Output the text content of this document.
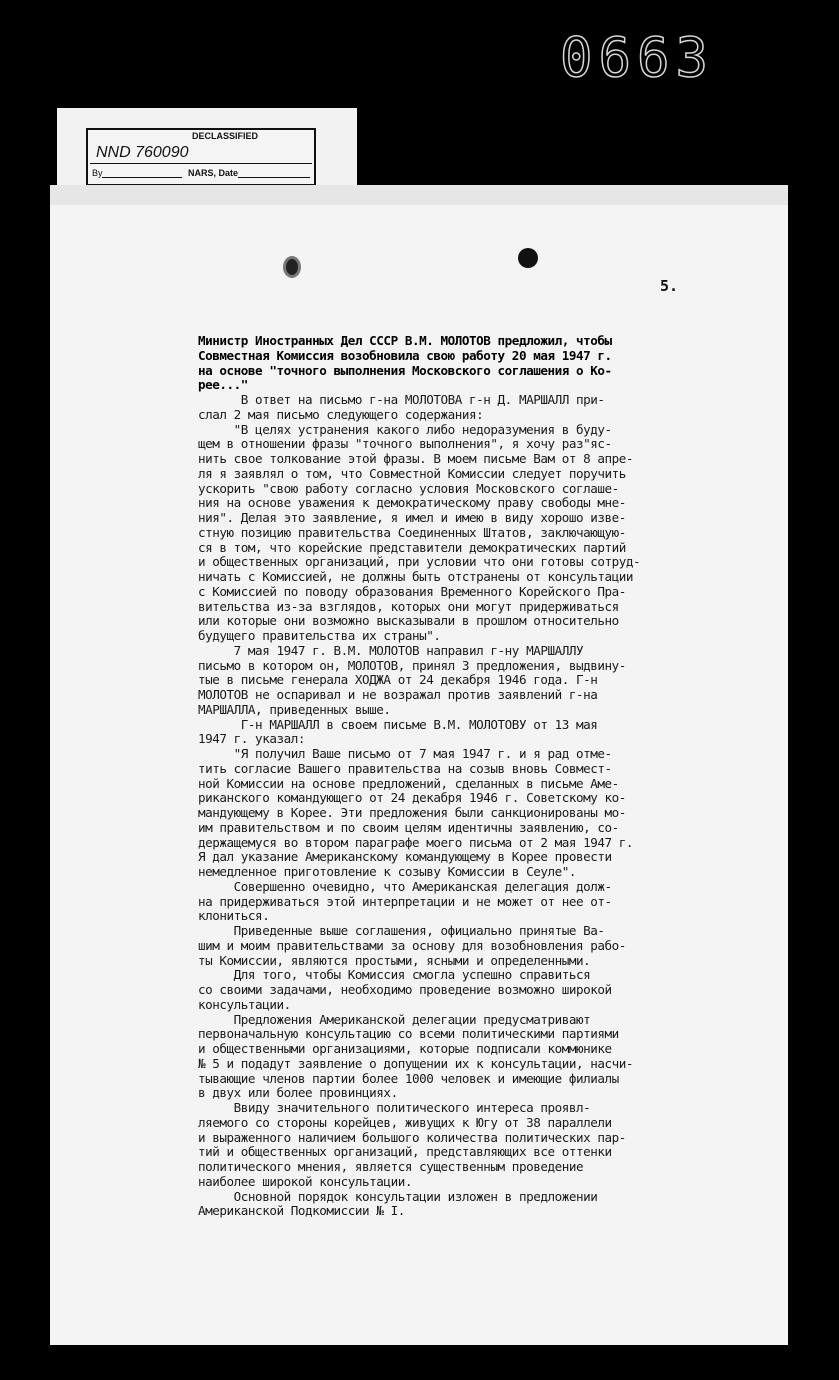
0663
DECLASSIFIED
NND 760090
By	NARS, Date
5.
Министр Иностранных Дел СССР В.М. МОЛОТОВ предложил, чтобы
Совместная Комиссия возобновила свою работу 20 мая 1947 г.
на основе "точного выполнения Московского соглашения о Ко-
рее..."
В ответ на письмо г-на МОЛОТОВА г-н Д. МАРШАЛЛ при-
слал 2 мая письмо следующего содержания:
"В целях устранения какого либо недоразумения в буду-
щем в отношении фразы "точного выполнения", я хочу раз"яс-
нить свое толкование этой фразы. В моем письме Вам от 8 апре-
ля я заявлял о том, что Совместной Комиссии следует поручить
ускорить "свою работу согласно условия Московского соглаше-
ния на основе уважения к демократическому праву свободы мне-
ния". Делая это заявление, я имел и имею в виду хорошо изве-
стную позицию правительства Соединенных Штатов, заключающую-
ся в том, что корейские представители демократических партий
и общественных организаций, при условии что они готовы сотруд-
ничать с Комиссией, не должны быть отстранены от консультации
с Комиссией по поводу образования Временного Корейского Пра-
вительства из-за взглядов, которых они могут придерживаться
или которые они возможно высказывали в прошлом относительно
будущего правительства их страны".
7 мая 1947 г. В.М. МОЛОТОВ направил г-ну МАРШАЛЛУ
письмо в котором он, МОЛОТОВ, принял 3 предложения, выдвину-
тые в письме генерала ХОДЖА от 24 декабря 1946 года. Г-н
МОЛОТОВ не оспаривал и не возражал против заявлений г-на
МАРШАЛЛА, приведенных выше.
Г-н МАРШАЛЛ в своем письме В.М. МОЛОТОВУ от 13 мая
1947 г. указал:
"Я получил Ваше письмо от 7 мая 1947 г. и я рад отме-
тить согласие Вашего правительства на созыв вновь Совмест-
ной Комиссии на основе предложений, сделанных в письме Аме-
риканского командующего от 24 декабря 1946 г. Советскому ко-
мандующему в Корее. Эти предложения были санкционированы мо-
им правительством и по своим целям идентичны заявлению, со-
держащемуся во втором параграфе моего письма от 2 мая 1947 г.
Я дал указание Американскому командующему в Корее провести
немедленное приготовление к созыву Комиссии в Сеуле".
Совершенно очевидно, что Американская делегация долж-
на придерживаться этой интерпретации и не может от нее от-
клониться.
Приведенные выше соглашения, официально принятые Ва-
шим и моим правительствами за основу для возобновления рабо-
ты Комиссии, являются простыми, ясными и определенными.
Для того, чтобы Комиссия смогла успешно справиться
со своими задачами, необходимо проведение возможно широкой
консультации.
Предложения Американской делегации предусматривают
первоначальную консультацию со всеми политическими партиями
и общественными организациями, которые подписали коммюнике
№ 5 и подадут заявление о допущении их к консультации, насчи-
тывающие членов партии более 1000 человек и имеющие филиалы
в двух или более провинциях.
Ввиду значительного политического интереса проявл-
ляемого со стороны корейцев, живущих к Югу от 38 параллели
и выраженного наличием большого количества политических пар-
тий и общественных организаций, представляющих все оттенки
политического мнения, является существенным проведение
наиболее широкой консультации.
Основной порядок консультации изложен в предложении
Американской Подкомиссии № I.
